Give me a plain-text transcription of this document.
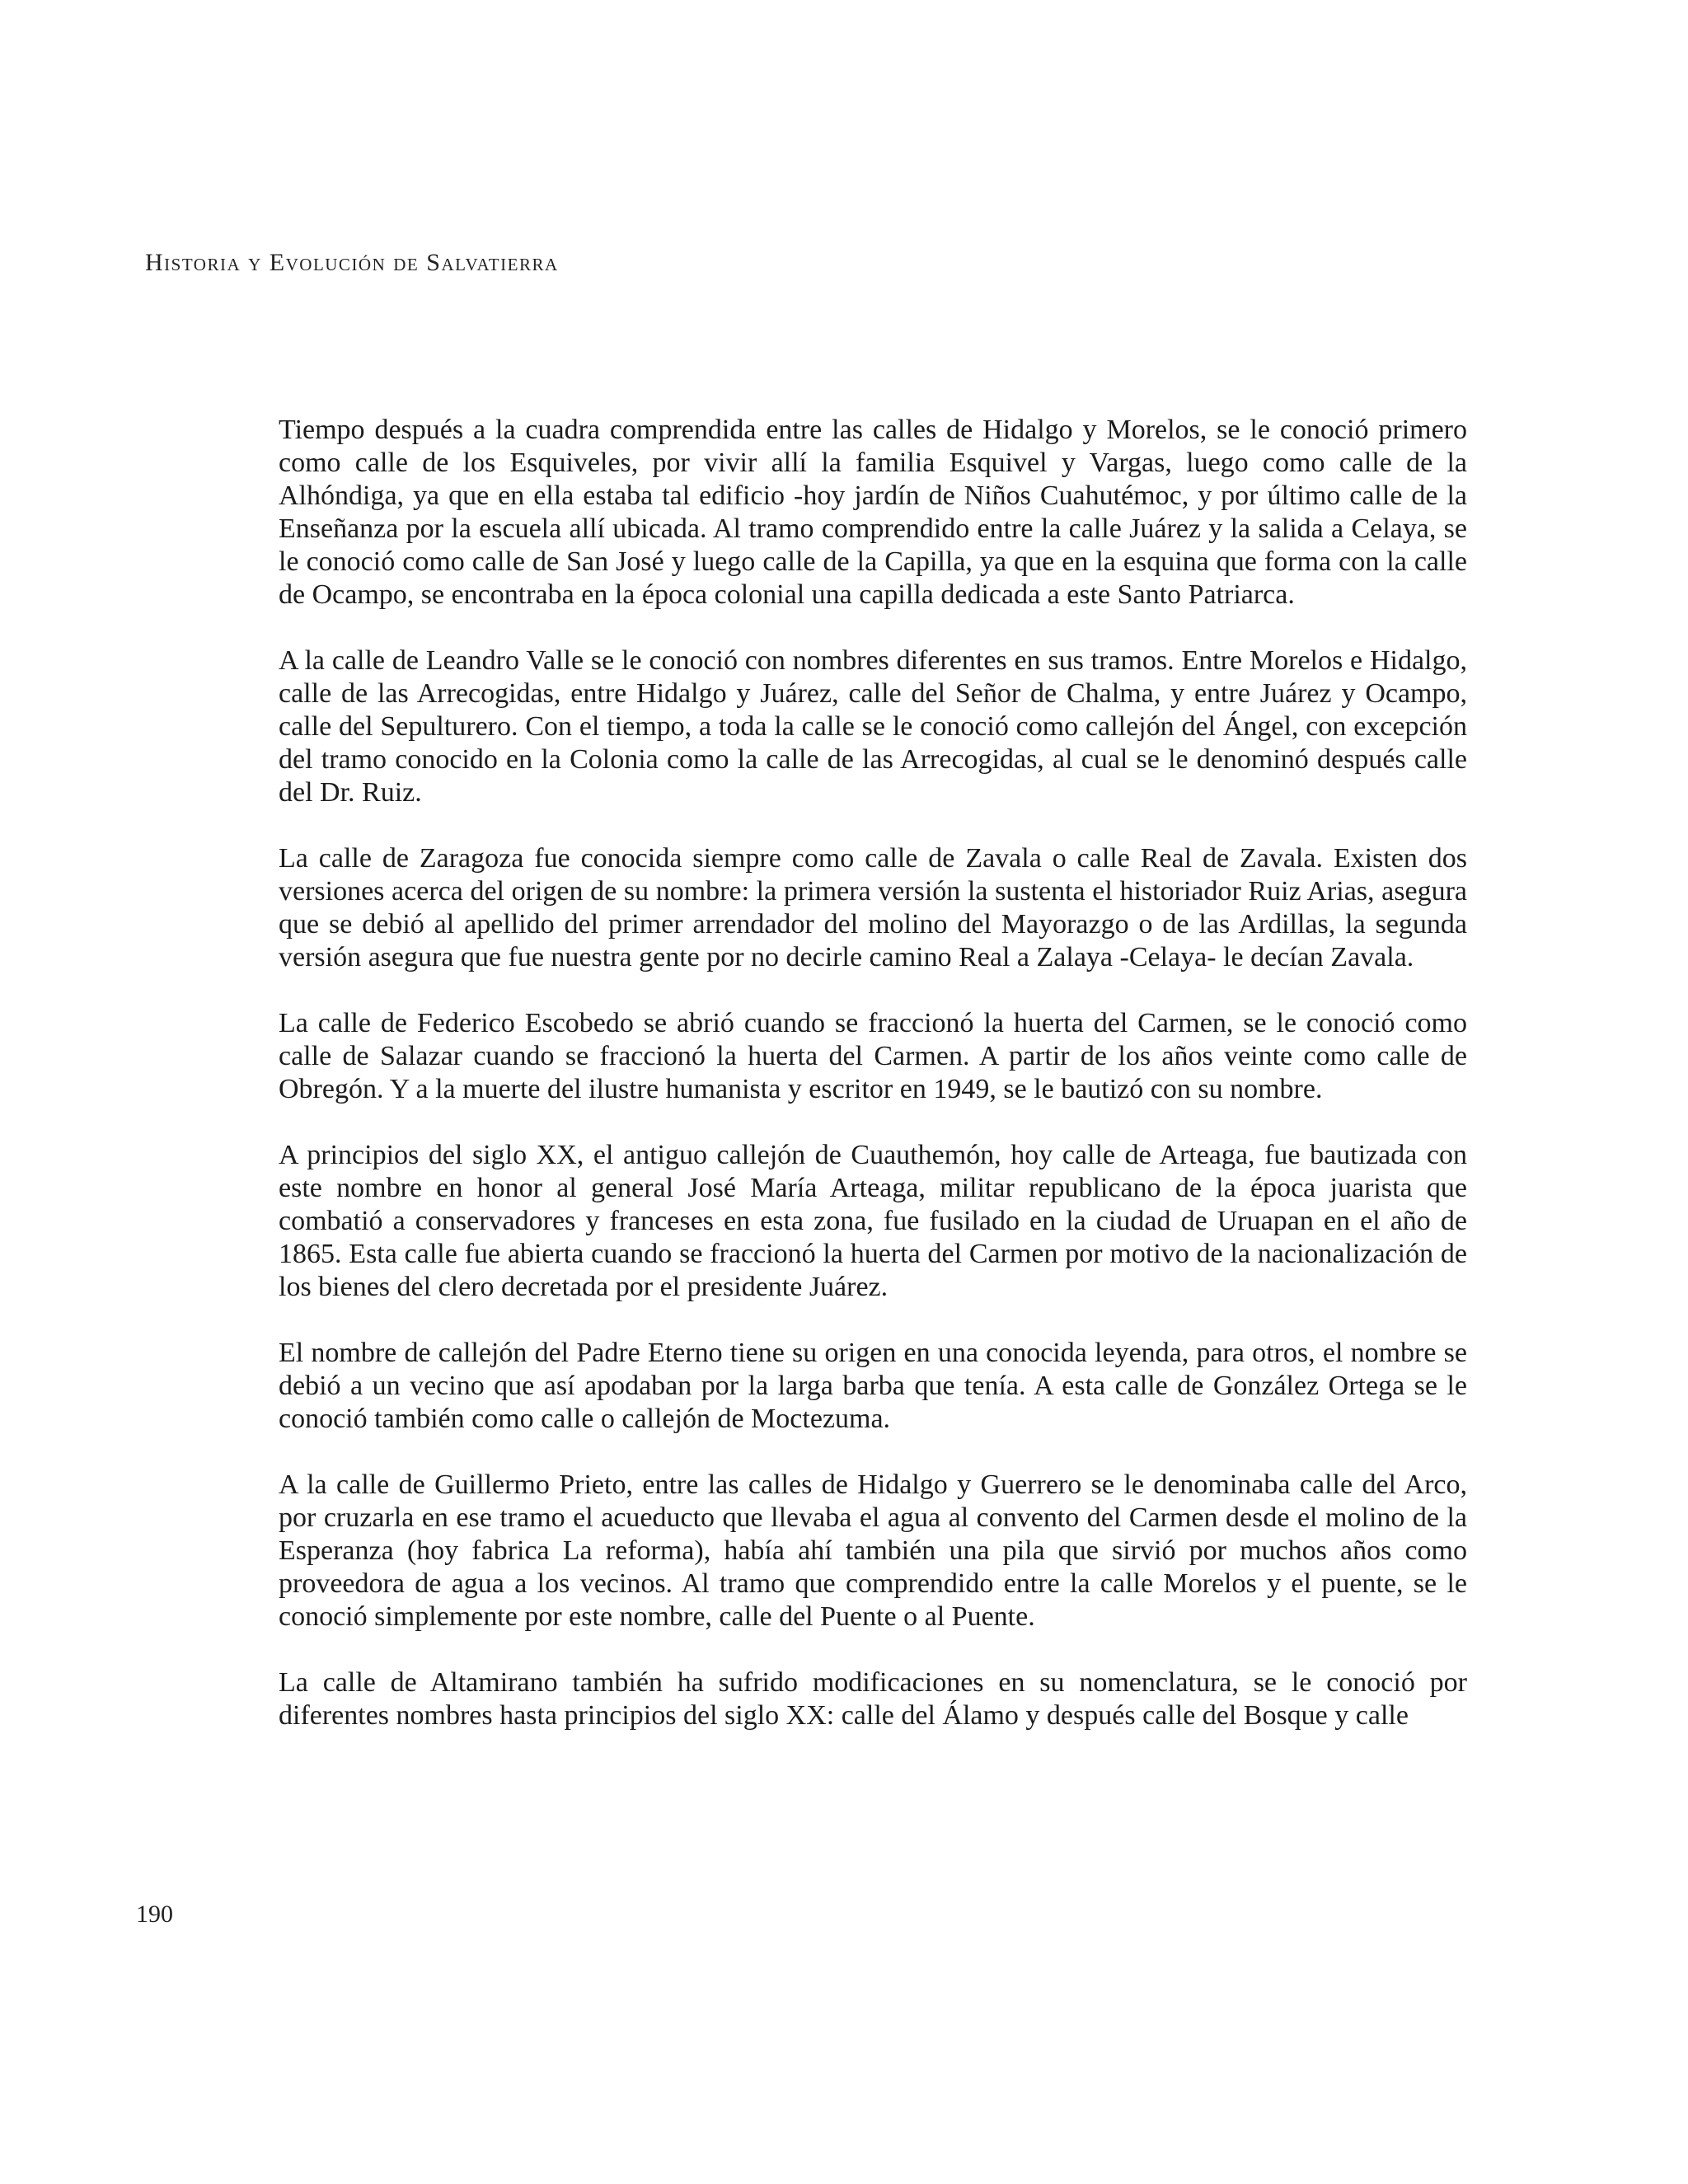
Historia y Evolución de Salvatierra

Tiempo después a la cuadra comprendida entre las calles de Hidalgo y Morelos, se le conoció primero como calle de los Esquiveles, por vivir allí la familia Esquivel y Vargas, luego como calle de la Alhóndiga, ya que en ella estaba tal edificio -hoy jardín de Niños Cuahutémoc, y por último calle de la Enseñanza por la escuela allí ubicada. Al tramo comprendido entre la calle Juárez y la salida a Celaya, se le conoció como calle de San José y luego calle de la Capilla, ya que en la esquina que forma con la calle de Ocampo, se encontraba en la época colonial una capilla dedicada a este Santo Patriarca.

A la calle de Leandro Valle se le conoció con nombres diferentes en sus tramos. Entre Morelos e Hidalgo, calle de las Arrecogidas, entre Hidalgo y Juárez, calle del Señor de Chalma, y entre Juárez y Ocampo, calle del Sepulturero. Con el tiempo, a toda la calle se le conoció como callejón del Ángel, con excepción del tramo conocido en la Colonia como la calle de las Arrecogidas, al cual se le denominó después calle del Dr. Ruiz.

La calle de Zaragoza fue conocida siempre como calle de Zavala o calle Real de Zavala. Existen dos versiones acerca del origen de su nombre: la primera versión la sustenta el historiador Ruiz Arias, asegura que se debió al apellido del primer arrendador del molino del Mayorazgo o de las Ardillas, la segunda versión asegura que fue nuestra gente por no decirle camino Real a Zalaya -Celaya- le decían Zavala.

La calle de Federico Escobedo se abrió cuando se fraccionó la huerta del Carmen, se le conoció como calle de Salazar cuando se fraccionó la huerta del Carmen. A partir de los años veinte como calle de Obregón. Y a la muerte del ilustre humanista y escritor en 1949, se le bautizó con su nombre.

A principios del siglo XX, el antiguo callejón de Cuauthemón, hoy calle de Arteaga, fue bautizada con este nombre en honor al general José María Arteaga, militar republicano de la época juarista que combatió a conservadores y franceses en esta zona, fue fusilado en la ciudad de Uruapan en el año de 1865. Esta calle fue abierta cuando se fraccionó la huerta del Carmen por motivo de la nacionalización de los bienes del clero decretada por el presidente Juárez.

El nombre de callejón del Padre Eterno tiene su origen en una conocida leyenda, para otros, el nombre se debió a un vecino que así apodaban por la larga barba que tenía. A esta calle de González Ortega se le conoció también como calle o callejón de Moctezuma.

A la calle de Guillermo Prieto, entre las calles de Hidalgo y Guerrero se le denominaba calle del Arco, por cruzarla en ese tramo el acueducto que llevaba el agua al convento del Carmen desde el molino de la Esperanza (hoy fabrica La reforma), había ahí también una pila que sirvió por muchos años como proveedora de agua a los vecinos. Al tramo que comprendido entre la calle Morelos y el puente, se le conoció simplemente por este nombre, calle del Puente o al Puente.

La calle de Altamirano también ha sufrido modificaciones en su nomenclatura, se le conoció por diferentes nombres hasta principios del siglo XX: calle del Álamo y después calle del Bosque y calle

190
